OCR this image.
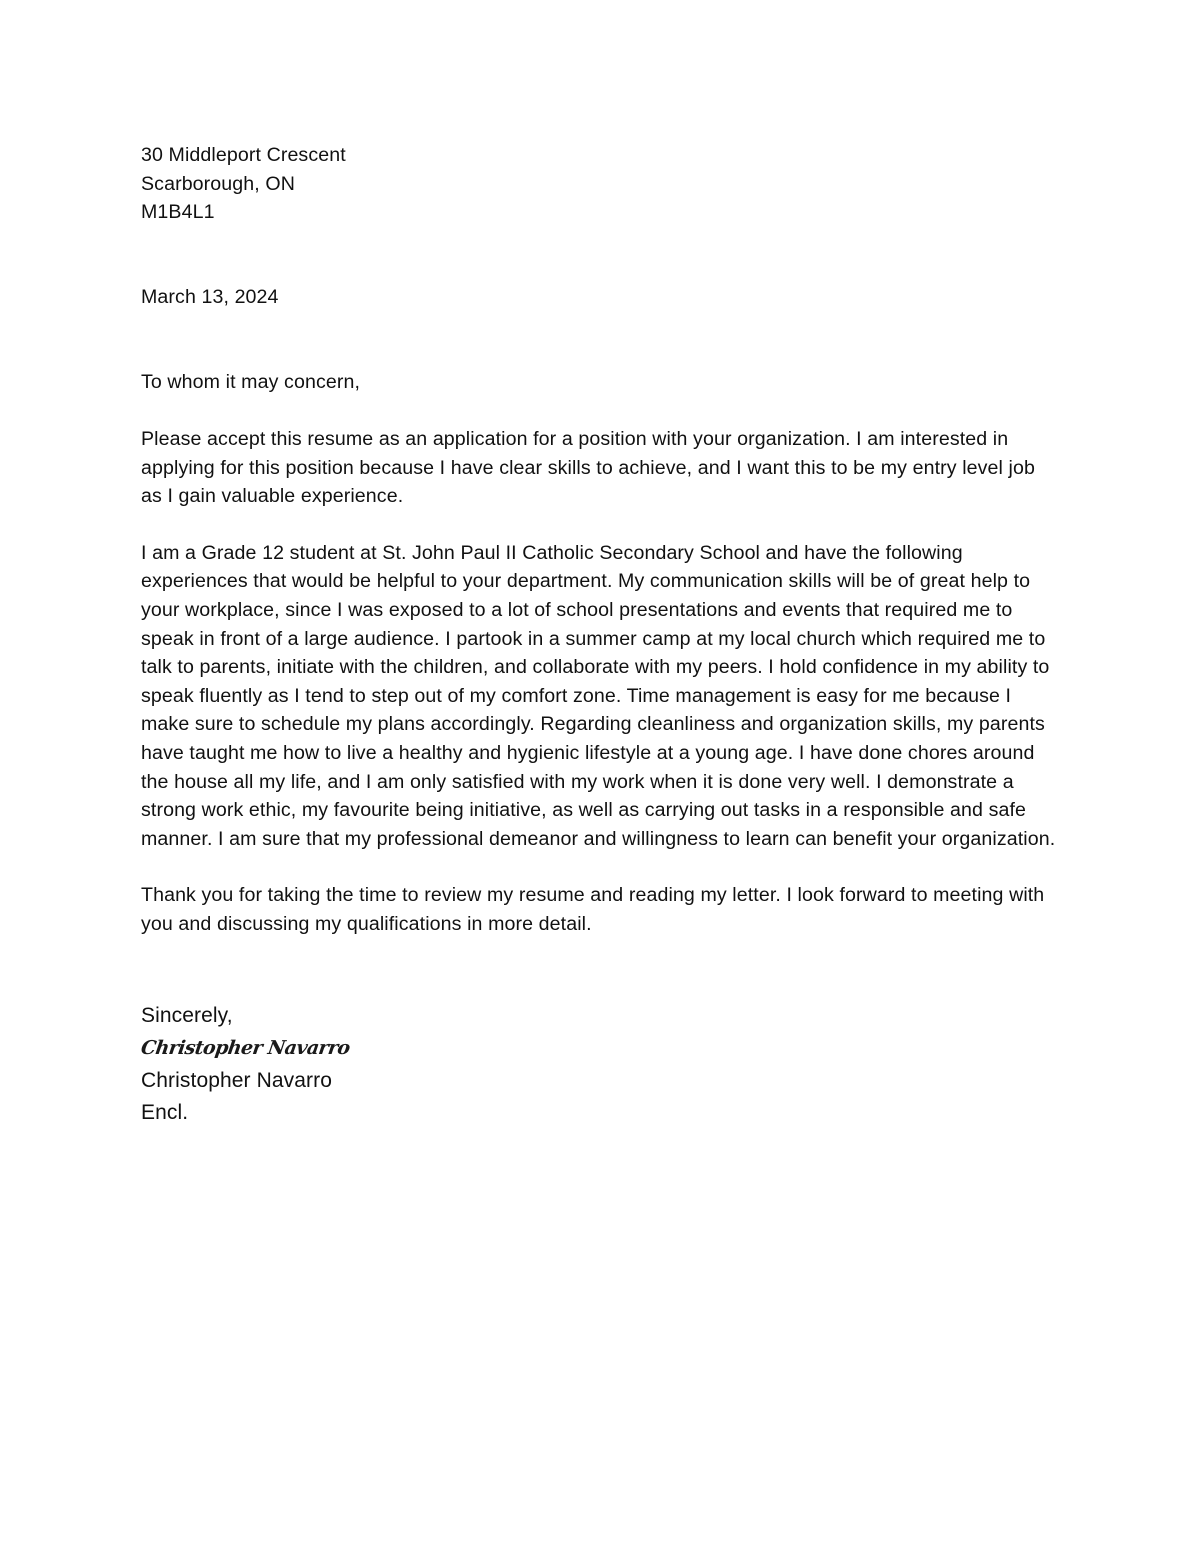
30 Middleport Crescent
Scarborough, ON
M1B4L1
March 13, 2024
To whom it may concern,

Please accept this resume as an application for a position with your organization. I am interested in applying for this position because I have clear skills to achieve, and I want this to be my entry level job as I gain valuable experience.

I am a Grade 12 student at St. John Paul II Catholic Secondary School and have the following experiences that would be helpful to your department. My communication skills will be of great help to your workplace, since I was exposed to a lot of school presentations and events that required me to speak in front of a large audience. I partook in a summer camp at my local church which required me to talk to parents, initiate with the children, and collaborate with my peers. I hold confidence in my ability to speak fluently as I tend to step out of my comfort zone. Time management is easy for me because I make sure to schedule my plans accordingly. Regarding cleanliness and organization skills, my parents have taught me how to live a healthy and hygienic lifestyle at a young age. I have done chores around the house all my life, and I am only satisfied with my work when it is done very well. I demonstrate a strong work ethic, my favourite being initiative, as well as carrying out tasks in a responsible and safe manner. I am sure that my professional demeanor and willingness to learn can benefit your organization.

Thank you for taking the time to review my resume and reading my letter. I look forward to meeting with you and discussing my qualifications in more detail.

Sincerely,
Christopher Navarro
Christopher Navarro
Encl.
